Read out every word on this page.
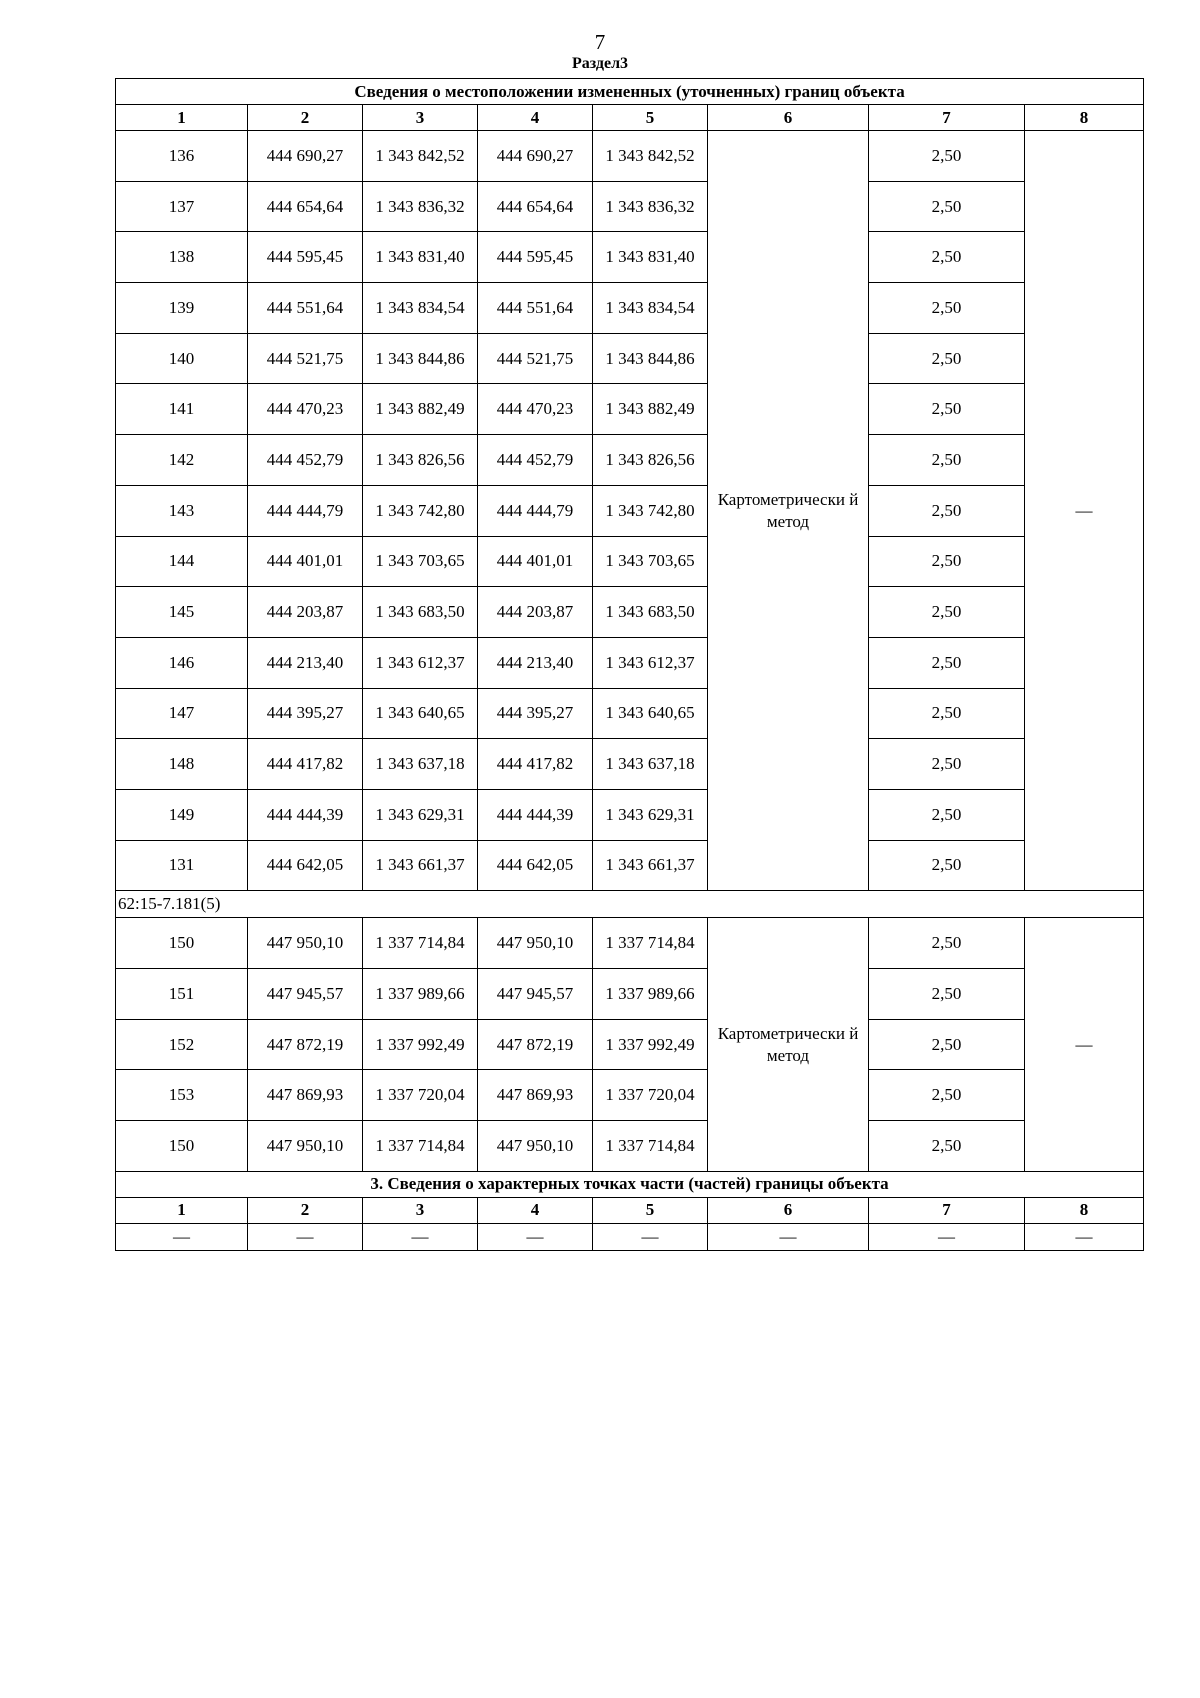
7
Раздел3
Сведения о местоположении измененных (уточненных) границ объекта							
1	2	3	4	5	6	7	8
136	444 690,27	1 343 842,52	444 690,27	1 343 842,52	Картометрически й метод	2,50	—
137	444 654,64	1 343 836,32	444 654,64	1 343 836,32		2,50	
138	444 595,45	1 343 831,40	444 595,45	1 343 831,40		2,50	
139	444 551,64	1 343 834,54	444 551,64	1 343 834,54		2,50	
140	444 521,75	1 343 844,86	444 521,75	1 343 844,86		2,50	
141	444 470,23	1 343 882,49	444 470,23	1 343 882,49		2,50	
142	444 452,79	1 343 826,56	444 452,79	1 343 826,56		2,50	
143	444 444,79	1 343 742,80	444 444,79	1 343 742,80		2,50	
144	444 401,01	1 343 703,65	444 401,01	1 343 703,65		2,50	
145	444 203,87	1 343 683,50	444 203,87	1 343 683,50		2,50	
146	444 213,40	1 343 612,37	444 213,40	1 343 612,37		2,50	
147	444 395,27	1 343 640,65	444 395,27	1 343 640,65		2,50	
148	444 417,82	1 343 637,18	444 417,82	1 343 637,18		2,50	
149	444 444,39	1 343 629,31	444 444,39	1 343 629,31		2,50	
131	444 642,05	1 343 661,37	444 642,05	1 343 661,37		2,50	
62:15-7.181(5)							
150	447 950,10	1 337 714,84	447 950,10	1 337 714,84	Картометрически й метод	2,50	—
151	447 945,57	1 337 989,66	447 945,57	1 337 989,66		2,50	
152	447 872,19	1 337 992,49	447 872,19	1 337 992,49		2,50	
153	447 869,93	1 337 720,04	447 869,93	1 337 720,04		2,50	
150	447 950,10	1 337 714,84	447 950,10	1 337 714,84		2,50	
3. Сведения о характерных точках части (частей) границы объекта							
1	2	3	4	5	6	7	8
—	—	—	—	—	—	—	—
